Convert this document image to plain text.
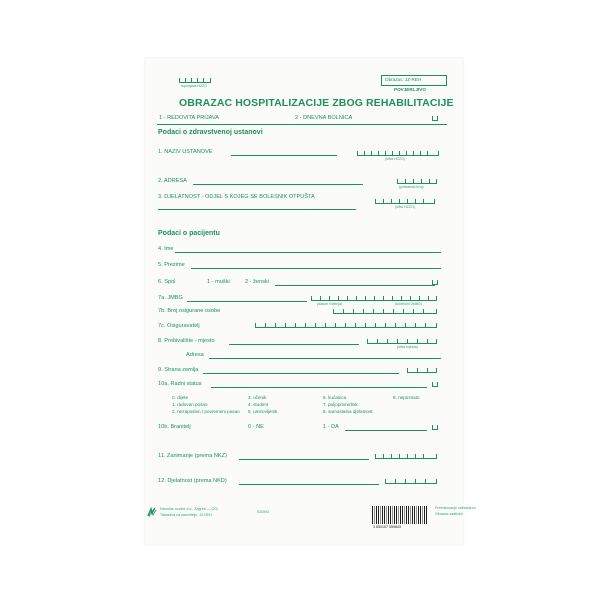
Ispunjava HZZO
Obrazac: JZ-REH
POVJERLJIVO
OBRAZAC HOSPITALIZACIJE ZBOG REHABILITACIJE
1 - REDOVITA PRIJAVA	2 - DNEVNA BOLNICA
Podaci o zdravstvenoj ustanovi
1. NAZIV USTANOVE
(šifra HZZO)
2. ADRESA
(poštanski broj)
3. DJELATNOST - ODJEL S KOJEG SE BOLESNIK OTPUŠTA
(šifra HZZO)
Podaci o pacijentu
4. Ime
5. Prezime
6. Spol	1 - muški	2 - ženski
7a. JMBG
(datum rođenja)	(kontrolni JMBG)
7b. Broj osigurane osobe
7c. Osiguravatelj
8. Prebivalište - mjesto
(šifra mjesta)
Adresa
9. Strana zemlja
10a. Radni status
0. dijete
1. radovan posao
2. nezaposlen / povremeni posao
3. učenik
4. student
5. umirovljenik
6. kućanica
7. poljoprivrednik
8. samostalna djelatnost
9. nepoznato
10b. Branitelj	0 - NE	1 - DA
11. Zanimanje (prema NKZ)
12. Djelatnost (prema NKD)
Narodne novine d.d., Zagreb — (20)
Tiskanica za naručitelju: JZ-REH
030093
3 850157 059843
Prebrikovanje zabranjeno
Obrazac zaštićen
